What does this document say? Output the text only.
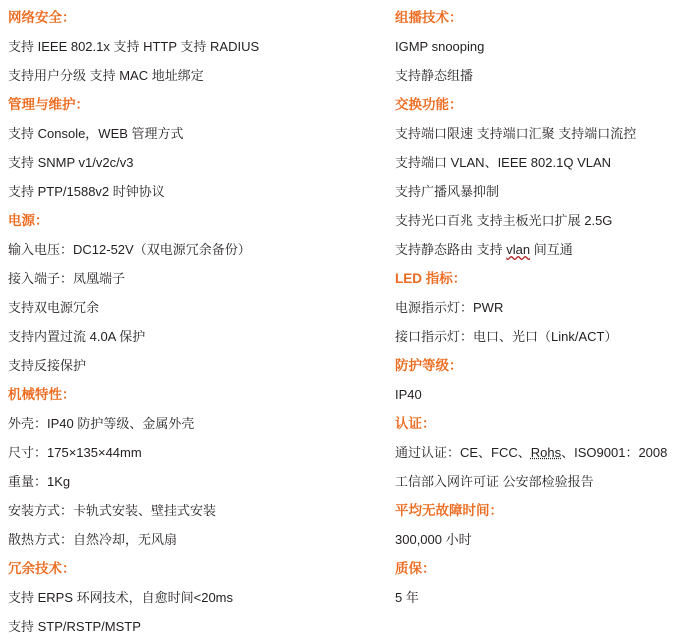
网络安全：
支持 IEEE 802.1x 支持 HTTP 支持 RADIUS
支持用户分级 支持 MAC 地址绑定
管理与维护：
支持 Console，WEB 管理方式
支持 SNMP v1/v2c/v3
支持 PTP/1588v2 时钟协议
电源：
输入电压：DC12-52V（双电源冗余备份）
接入端子：凤凰端子
支持双电源冗余
支持内置过流 4.0A 保护
支持反接保护
机械特性：
外壳：IP40 防护等级、金属外壳
尺寸：175×135×44mm
重量：1Kg
安装方式：卡轨式安装、壁挂式安装
散热方式：自然冷却，无风扇
冗余技术：
支持 ERPS 环网技术，自愈时间<20ms
支持 STP/RSTP/MSTP
组播技术：
IGMP snooping
支持静态组播
交换功能：
支持端口限速 支持端口汇聚 支持端口流控
支持端口 VLAN、IEEE 802.1Q VLAN
支持广播风暴抑制
支持光口百兆 支持主板光口扩展 2.5G
支持静态路由 支持 vlan 间互通
LED 指标：
电源指示灯：PWR
接口指示灯：电口、光口（Link/ACT）
防护等级：
IP40
认证：
通过认证：CE、FCC、Rohs、ISO9001：2008
工信部入网许可证 公安部检验报告
平均无故障时间：
300,000 小时
质保：
5 年
